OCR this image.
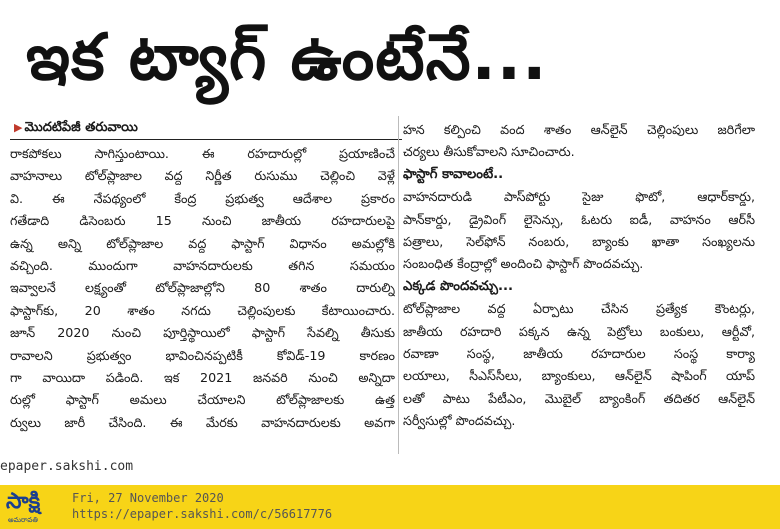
ఇక ట్యాగ్ ఉంటేనే...
▶ మొదటిపేజీ తరువాయి
రాకపోకలు సాగిస్తుంటాయి. ఈ రహదారుల్లో ప్రయాణించే
వాహనాలు టోల్‌ప్లాజాల వద్ద నిర్ణీత రుసుము చెల్లించి వెళ్లే
వి. ఈ నేపథ్యంలో కేంద్ర ప్రభుత్వ ఆదేశాల ప్రకారం
గతేడాది డిసెంబరు 15 నుంచి జాతీయ రహదారులపై
ఉన్న అన్ని టోల్‌ప్లాజాల వద్ద ఫాస్టాగ్ విధానం అమల్లోకి
వచ్చింది. ముందుగా వాహనదారులకు తగిన సమయం
ఇవ్వాలనే లక్ష్యంతో టోల్‌ప్లాజాల్లోని 80 శాతం దారుల్ని
ఫాస్టాగ్‌కు, 20 శాతం నగదు చెల్లింపులకు కేటాయించారు.
జూన్ 2020 నుంచి పూర్తిస్థాయిలో ఫాస్టాగ్ సేవల్ని తీసుకు
రావాలని ప్రభుత్వం భావించినప్పటికీ కోవిడ్-19 కారణం
గా వాయిదా పడింది. ఇక 2021 జనవరి నుంచి అన్నిదా
రుల్లో ఫాస్టాగ్ అమలు చేయాలని టోల్‌ప్లాజాలకు ఉత్త
ర్వులు జారీ చేసింది. ఈ మేరకు వాహనదారులకు అవగా
హన కల్పించి వంద శాతం ఆన్‌లైన్ చెల్లింపులు జరిగేలా
చర్యలు తీసుకోవాలని సూచించారు.
ఫాస్టాగ్ కావాలంటే..
వాహనదారుడి పాస్‌పోర్టు సైజు ఫొటో, ఆధార్‌కార్డు,
పాన్‌కార్డు, డ్రైవింగ్ లైసెన్సు, ఓటరు ఐడీ, వాహనం ఆర్‌సీ
పత్రాలు, సెల్‌ఫోన్ నంబరు, బ్యాంకు ఖాతా సంఖ్యలను
సంబంధిత కేంద్రాల్లో అందించి ఫాస్టాగ్ పొందవచ్చు.
ఎక్కడ పొందవచ్చు...
టోల్‌ప్లాజాల వద్ద ఏర్పాటు చేసిన ప్రత్యేక కౌంటర్లు,
జాతీయ రహదారి పక్కన ఉన్న పెట్రోలు బంకులు, ఆర్టీవో,
రవాణా సంస్థ, జాతీయ రహదారుల సంస్థ కార్యా
లయాలు, సీఎస్‌సీలు, బ్యాంకులు, ఆన్‌లైన్ షాపింగ్ యాప్
లతో పాటు పేటీఎం, మొబైల్ బ్యాంకింగ్ తదితర ఆన్‌లైన్
సర్వీసుల్లో పొందవచ్చు.
epaper.sakshi.com
సాక్షి
అమరావతి
Fri, 27 November 2020
https://epaper.sakshi.com/c/56617776
